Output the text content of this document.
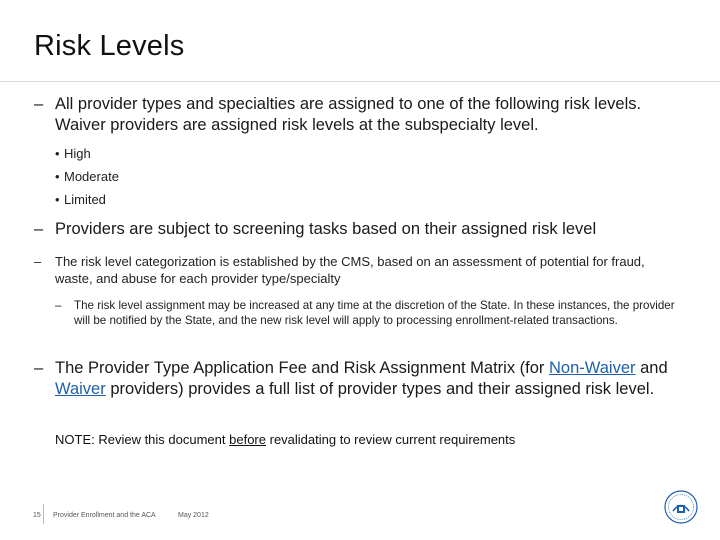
Risk Levels
– All provider types and specialties are assigned to one of the following risk levels. Waiver providers are assigned risk levels at the subspecialty level.
• High
• Moderate
• Limited
– Providers are subject to screening tasks based on their assigned risk level
– The risk level categorization is established by the CMS, based on an assessment of potential for fraud, waste, and abuse for each provider type/specialty
– The risk level assignment may be increased at any time at the discretion of the State. In these instances, the provider will be notified by the State, and the new risk level will apply to processing enrollment-related transactions.
– The Provider Type Application Fee and Risk Assignment Matrix (for Non-Waiver and Waiver providers) provides a full list of provider types and their assigned risk level.
NOTE: Review this document before revalidating to review current requirements
15 Provider Enrollment and the ACA	May 2012
